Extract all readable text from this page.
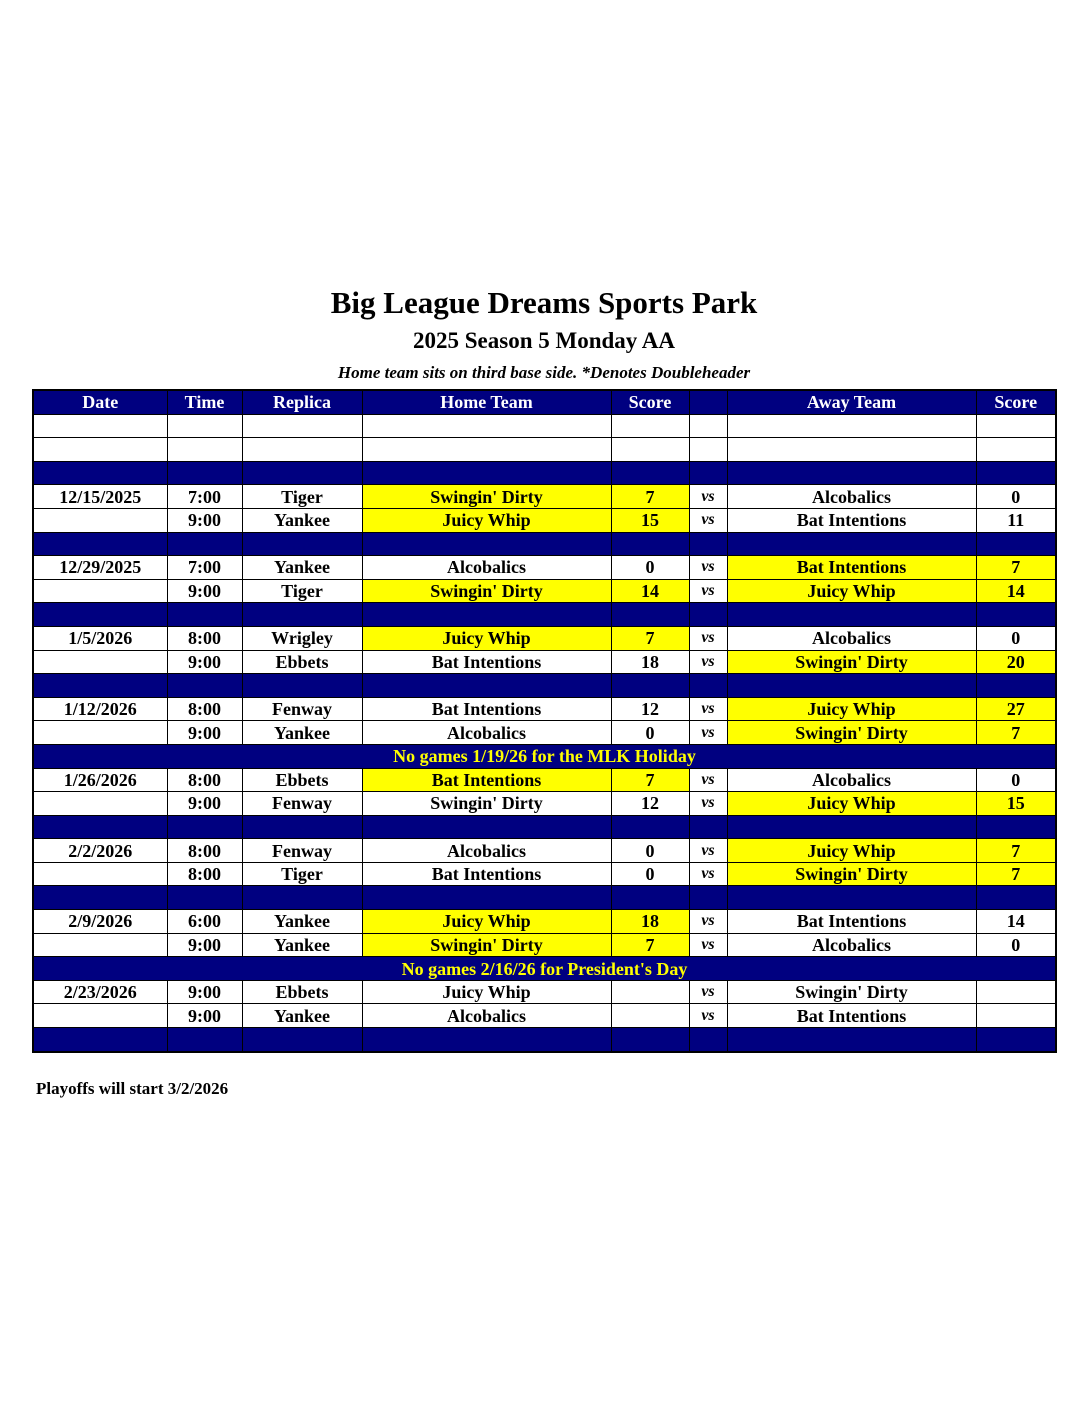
Big League Dreams Sports Park
2025 Season 5 Monday AA
Home team sits on third base side. *Denotes Doubleheader
Date	Time	Replica	Home Team	Score		Away Team	Score

12/15/2025	7:00	Tiger	Swingin' Dirty	7	vs	Alcobalics	0
	9:00	Yankee	Juicy Whip	15	vs	Bat Intentions	11

12/29/2025	7:00	Yankee	Alcobalics	0	vs	Bat Intentions	7
	9:00	Tiger	Swingin' Dirty	14	vs	Juicy Whip	14

1/5/2026	8:00	Wrigley	Juicy Whip	7	vs	Alcobalics	0
	9:00	Ebbets	Bat Intentions	18	vs	Swingin' Dirty	20

1/12/2026	8:00	Fenway	Bat Intentions	12	vs	Juicy Whip	27
	9:00	Yankee	Alcobalics	0	vs	Swingin' Dirty	7
No games 1/19/26 for the MLK Holiday							
1/26/2026	8:00	Ebbets	Bat Intentions	7	vs	Alcobalics	0
	9:00	Fenway	Swingin' Dirty	12	vs	Juicy Whip	15

2/2/2026	8:00	Fenway	Alcobalics	0	vs	Juicy Whip	7
	8:00	Tiger	Bat Intentions	0	vs	Swingin' Dirty	7

2/9/2026	6:00	Yankee	Juicy Whip	18	vs	Bat Intentions	14
	9:00	Yankee	Swingin' Dirty	7	vs	Alcobalics	0
No games 2/16/26 for President's Day							
2/23/2026	9:00	Ebbets	Juicy Whip		vs	Swingin' Dirty	
	9:00	Yankee	Alcobalics		vs	Bat Intentions	

Playoffs will start 3/2/2026
